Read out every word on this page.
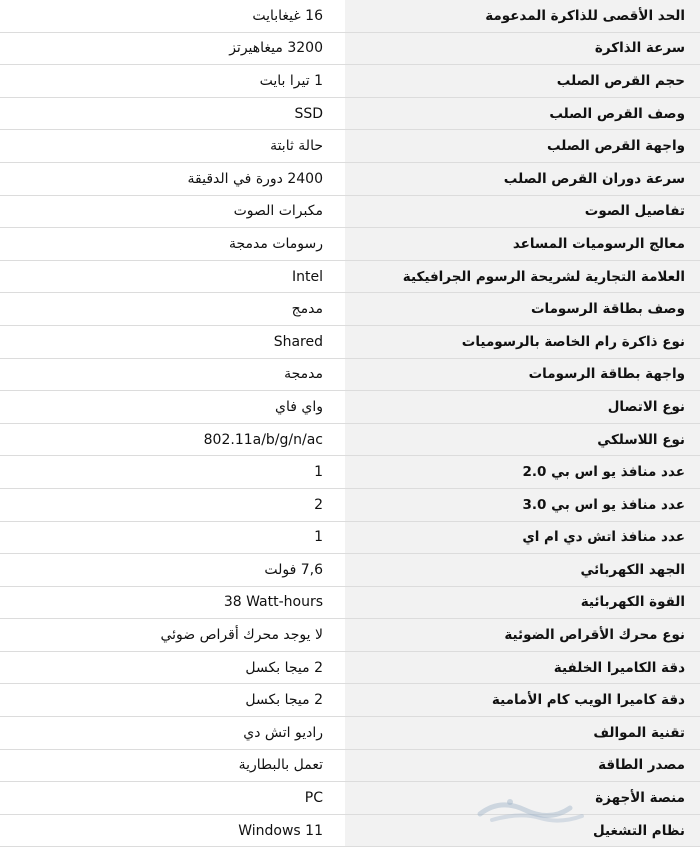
الحد الأقصى للذاكرة المدعومة
16 غيغابايت
سرعة الذاكرة
3200 ميغاهيرتز
حجم القرص الصلب
1 تيرا بايت
وصف القرص الصلب
SSD
واجهة القرص الصلب
حالة ثابتة
سرعة دوران القرص الصلب
2400 دورة في الدقيقة
تفاصيل الصوت
مكبرات الصوت
معالج الرسوميات المساعد
رسومات مدمجة
العلامة التجارية لشريحة الرسوم الجرافيكية
Intel
وصف بطاقة الرسومات
مدمج
نوع ذاكرة رام الخاصة بالرسوميات
Shared
واجهة بطاقة الرسومات
مدمجة
نوع الاتصال
واي فاي
نوع اللاسلكي
802.11a/b/g/n/ac
عدد منافذ يو اس بي 2.0
1
عدد منافذ يو اس بي 3.0
2
عدد منافذ اتش دي ام اي
1
الجهد الكهربائي
7,6 فولت
القوة الكهربائية
38 Watt-hours
نوع محرك الأقراص الضوئية
لا يوجد محرك أقراص ضوئي
دقة الكاميرا الخلفية
2 ميجا بكسل
دقة كاميرا الويب كام الأمامية
2 ميجا بكسل
تقنية الموالف
راديو اتش دي
مصدر الطاقة
تعمل بالبطارية
منصة الأجهزة
PC
نظام التشغيل
Windows 11
